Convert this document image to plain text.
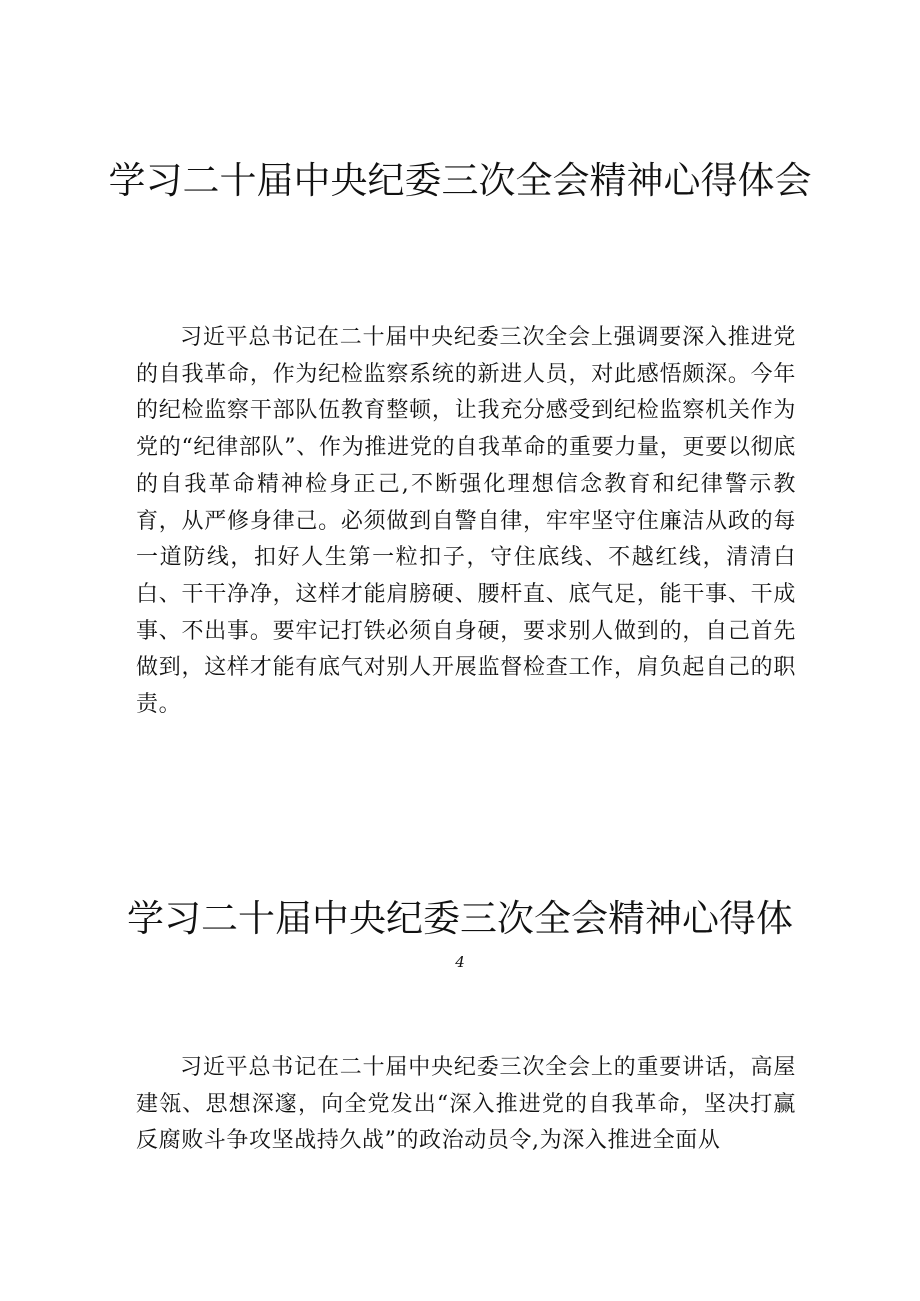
学习二十届中央纪委三次全会精神心得体会

习近平总书记在二十届中央纪委三次全会上强调要深入推进党的自我革命，作为纪检监察系统的新进人员，对此感悟颇深。今年的纪检监察干部队伍教育整顿，让我充分感受到纪检监察机关作为党的“纪律部队”、作为推进党的自我革命的重要力量，更要以彻底的自我革命精神检身正己,不断强化理想信念教育和纪律警示教育，从严修身律己。必须做到自警自律，牢牢坚守住廉洁从政的每一道防线，扣好人生第一粒扣子，守住底线、不越红线，清清白白、干干净净，这样才能肩膀硬、腰杆直、底气足，能干事、干成事、不出事。要牢记打铁必须自身硬，要求别人做到的，自己首先做到，这样才能有底气对别人开展监督检查工作，肩负起自己的职责。

学习二十届中央纪委三次全会精神心得体
4

习近平总书记在二十届中央纪委三次全会上的重要讲话，高屋建瓴、思想深邃，向全党发出“深入推进党的自我革命，坚决打赢反腐败斗争攻坚战持久战”的政治动员令,为深入推进全面从
